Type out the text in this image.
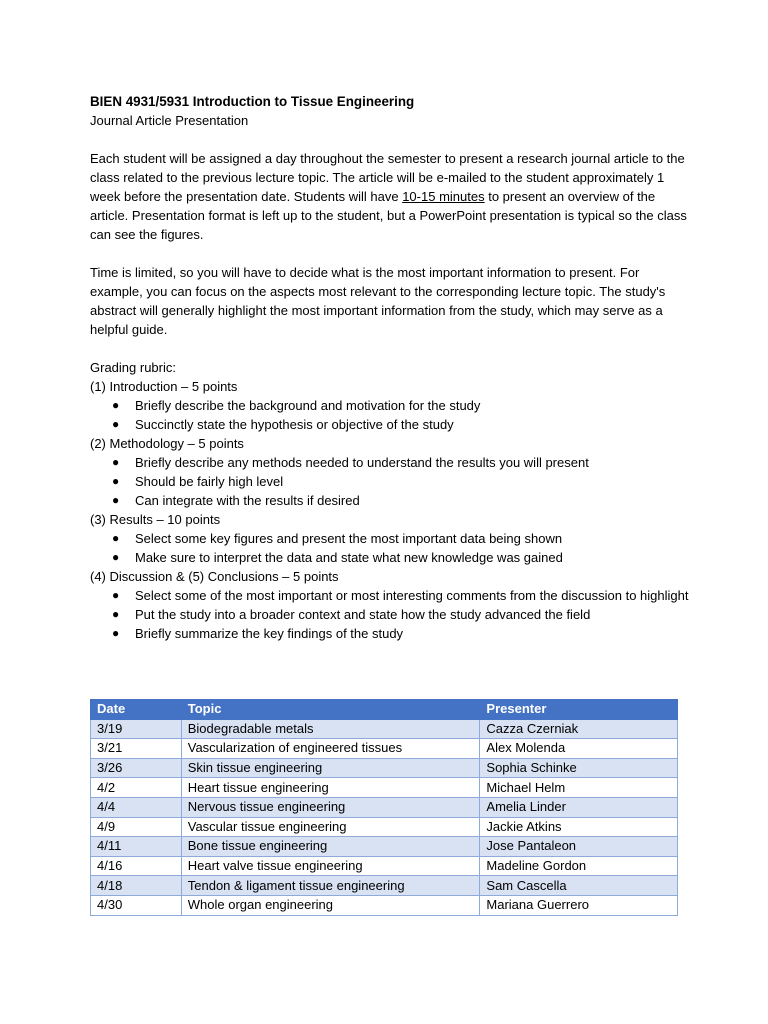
BIEN 4931/5931 Introduction to Tissue Engineering

Journal Article Presentation

Each student will be assigned a day throughout the semester to present a research journal article to the class related to the previous lecture topic. The article will be e-mailed to the student approximately 1 week before the presentation date. Students will have 10-15 minutes to present an overview of the article. Presentation format is left up to the student, but a PowerPoint presentation is typical so the class can see the figures.

Time is limited, so you will have to decide what is the most important information to present. For example, you can focus on the aspects most relevant to the corresponding lecture topic. The study's abstract will generally highlight the most important information from the study, which may serve as a helpful guide.

Grading rubric:
(1) Introduction – 5 points
● Briefly describe the background and motivation for the study
● Succinctly state the hypothesis or objective of the study
(2) Methodology – 5 points
● Briefly describe any methods needed to understand the results you will present
● Should be fairly high level
● Can integrate with the results if desired
(3) Results – 10 points
● Select some key figures and present the most important data being shown
● Make sure to interpret the data and state what new knowledge was gained
(4) Discussion & (5) Conclusions – 5 points
● Select some of the most important or most interesting comments from the discussion to highlight
● Put the study into a broader context and state how the study advanced the field
● Briefly summarize the key findings of the study
Date	Topic	Presenter
3/19	Biodegradable metals	Cazza Czerniak
3/21	Vascularization of engineered tissues	Alex Molenda
3/26	Skin tissue engineering	Sophia Schinke
4/2	Heart tissue engineering	Michael Helm
4/4	Nervous tissue engineering	Amelia Linder
4/9	Vascular tissue engineering	Jackie Atkins
4/11	Bone tissue engineering	Jose Pantaleon
4/16	Heart valve tissue engineering	Madeline Gordon
4/18	Tendon & ligament tissue engineering	Sam Cascella
4/30	Whole organ engineering	Mariana Guerrero
